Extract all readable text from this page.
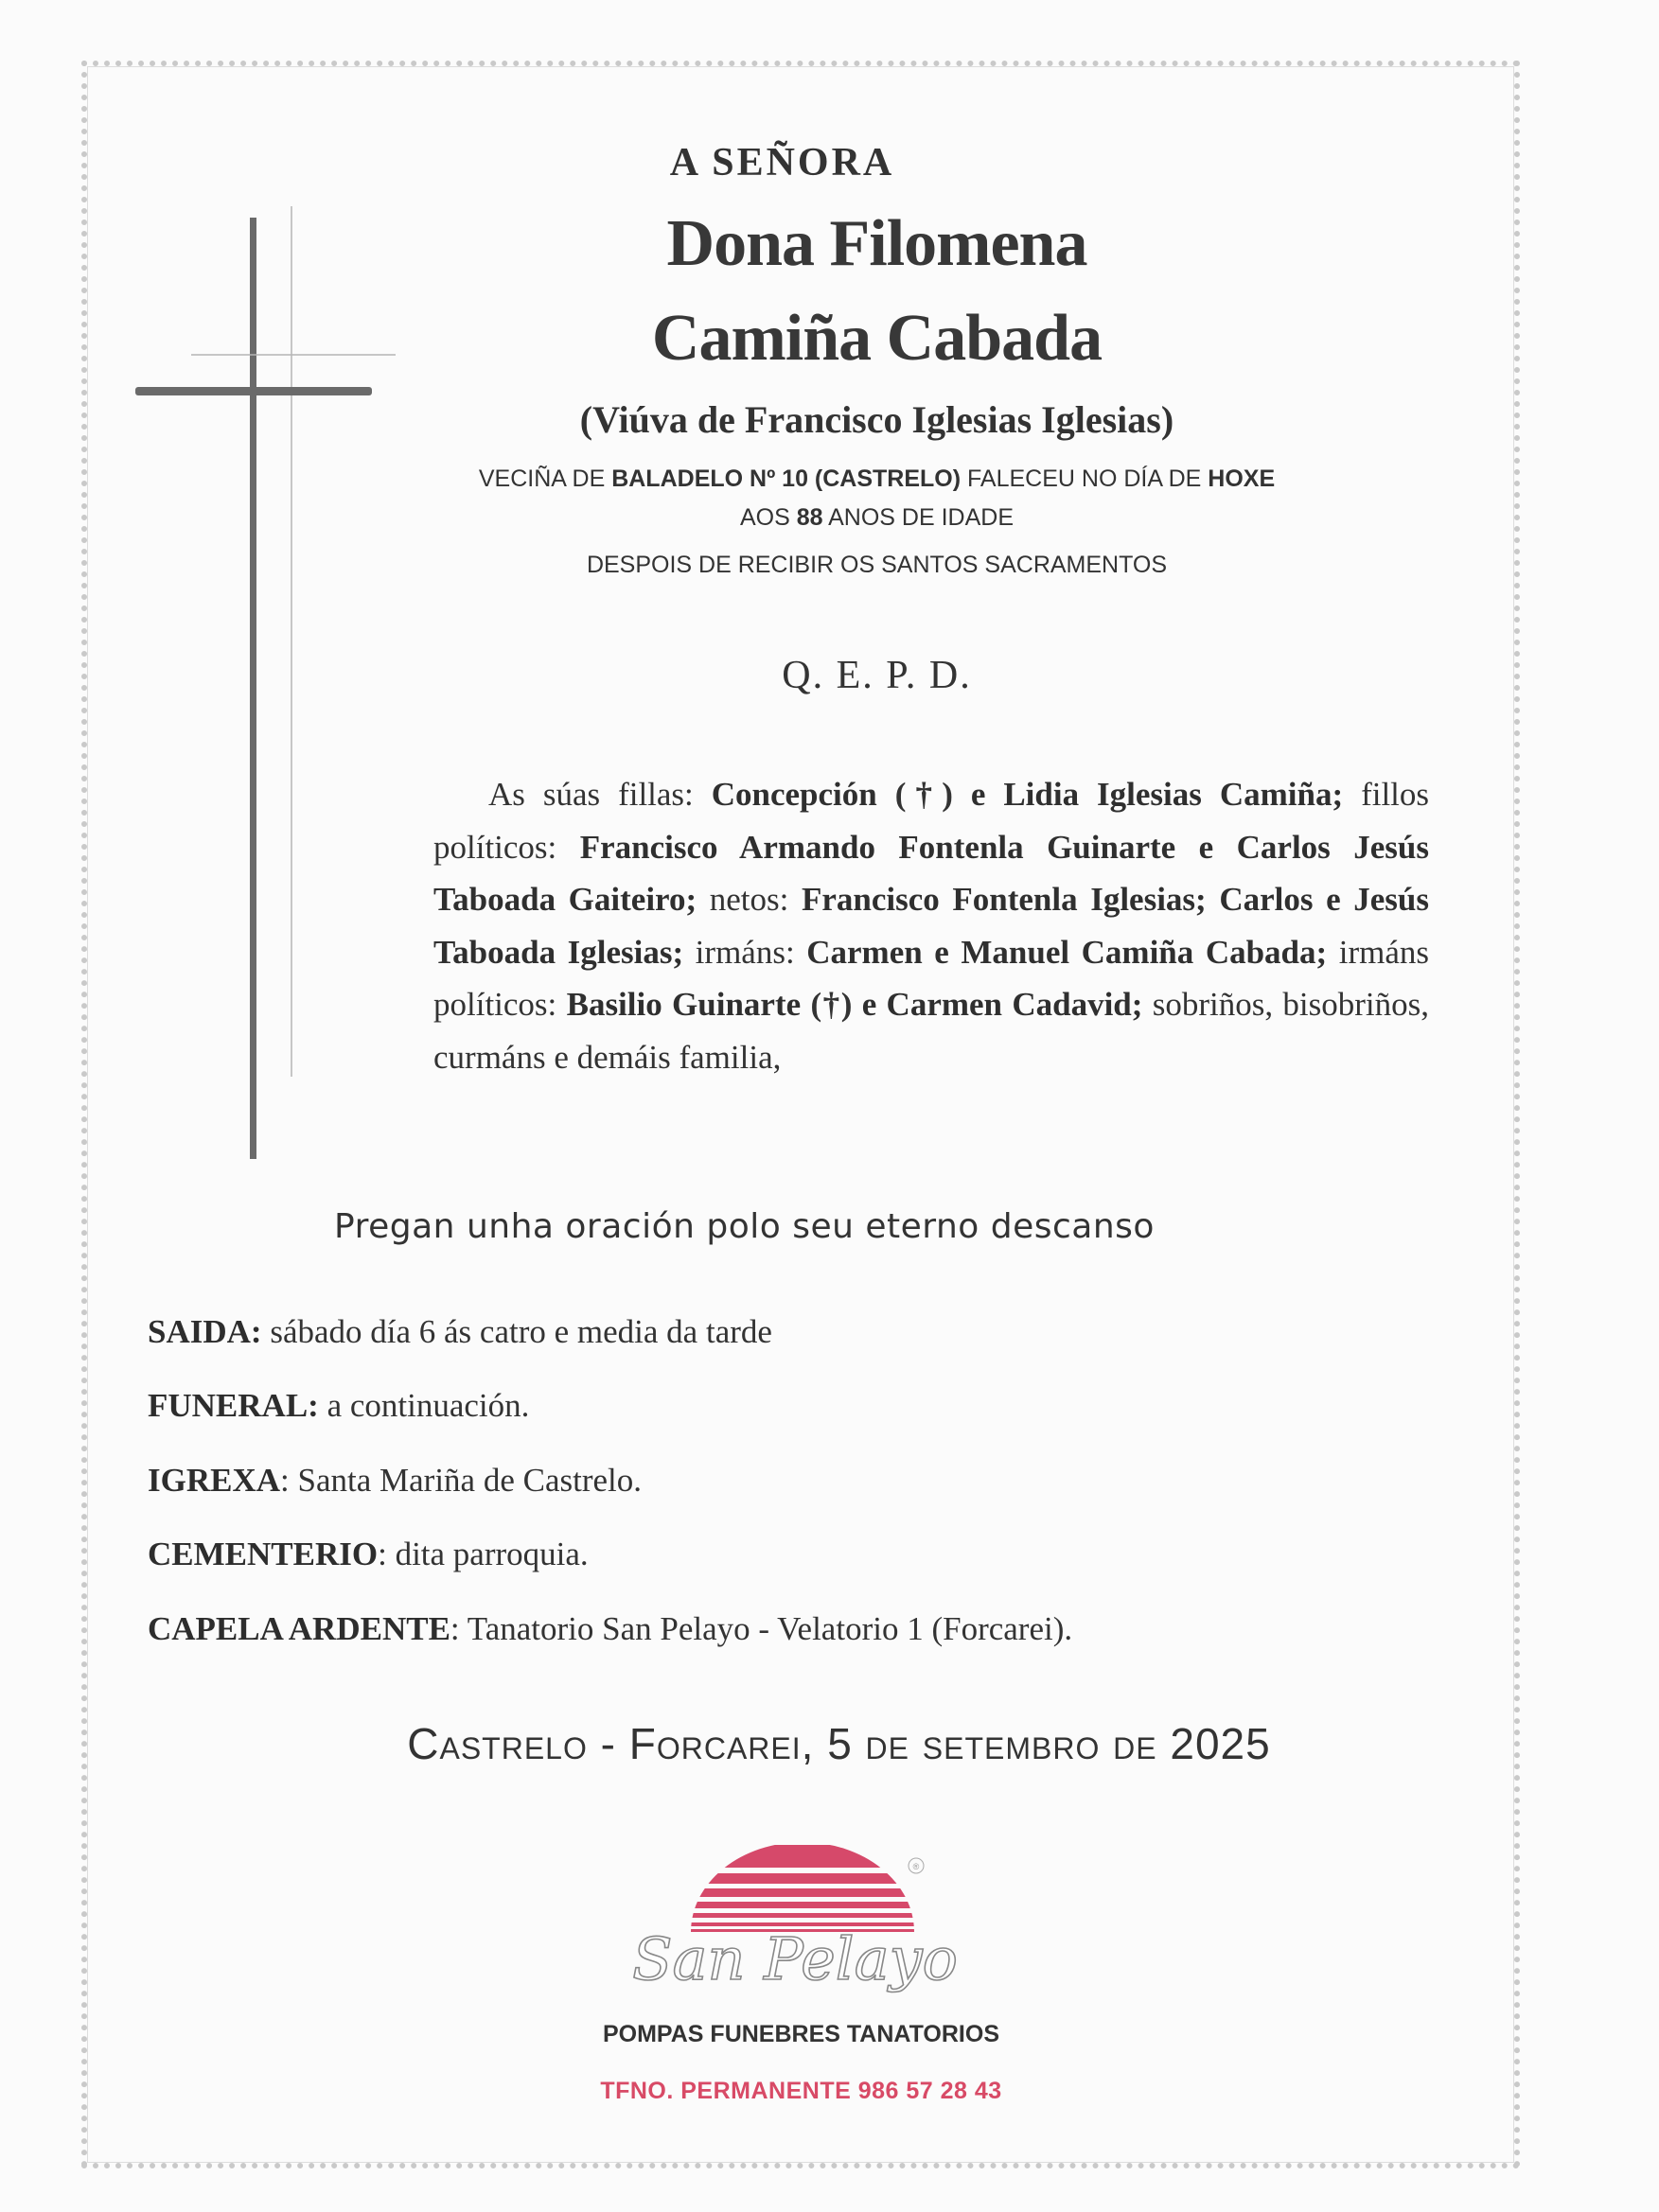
A SEÑORA
Dona Filomena
Camiña Cabada
(Viúva de Francisco Iglesias Iglesias)
VECIÑA DE BALADELO Nº 10 (CASTRELO) FALECEU NO DÍA DE HOXE
AOS 88 ANOS DE IDADE
DESPOIS DE RECIBIR OS SANTOS SACRAMENTOS
Q. E. P. D.
As súas fillas: Concepción (†) e Lidia Iglesias Camiña; fillos políticos: Francisco Armando Fontenla Guinarte e Carlos Jesús Taboada Gaiteiro; netos: Francisco Fontenla Iglesias; Carlos e Jesús Taboada Iglesias; irmáns: Carmen e Manuel Camiña Cabada; irmáns políticos: Basilio Guinarte (†) e Carmen Cadavid; sobriños, bisobriños, curmáns e demáis familia,
Pregan unha oración polo seu eterno descanso
SAIDA: sábado día 6 ás catro e media da tarde
FUNERAL: a continuación.
IGREXA: Santa Mariña de Castrelo.
CEMENTERIO: dita parroquia.
CAPELA ARDENTE: Tanatorio San Pelayo - Velatorio 1 (Forcarei).
Castrelo - Forcarei, 5 de setembro de 2025
®
San Pelayo
POMPAS FUNEBRES TANATORIOS
TFNO. PERMANENTE 986 57 28 43
